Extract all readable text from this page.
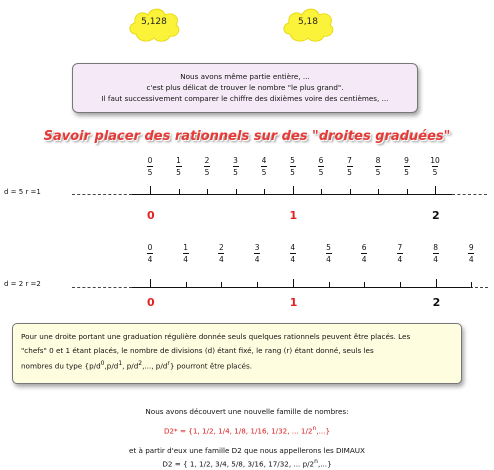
5,128	5,18
Nous avons même partie entière, ...
c'est plus délicat de trouver le nombre "le plus grand".
Il faut successivement comparer le chiffre des dixièmes voire des centièmes, ...
Savoir placer des rationnels sur des "droites graduées"
d = 5 r =1
0
5
1
5
2
5
3
5
4
5
5
5
6
5
7
5
8
5
9
5
10
5
0	1	2
d = 2 r =2
0
4
1
4
2
4
3
4
4
4
5
4
6
4
7
4
8
4
9
4
0	1	2
Pour une droite portant une graduation régulière donnée seuls quelques rationnels peuvent être placés. Les
"chefs" 0 et 1 étant placés, le nombre de divisions (d) étant fixé, le rang (r) étant donné, seuls les
nombres du type {$p/d^0,p/d^1$, $p/d^2$,..., $p/d^r$} pourront être placés.
Nous avons découvert une nouvelle famille de nombres:
D2* = {1, 1/2, 1/4, 1/8, 1/16, 1/32, ... 1/2$^n$,...}
et à partir d'eux une famille D2 que nous appellerons les DIMAUX
D2 = { 1, 1/2, 3/4, 5/8, 3/16, 17/32, ... p/2$^n$,...}
